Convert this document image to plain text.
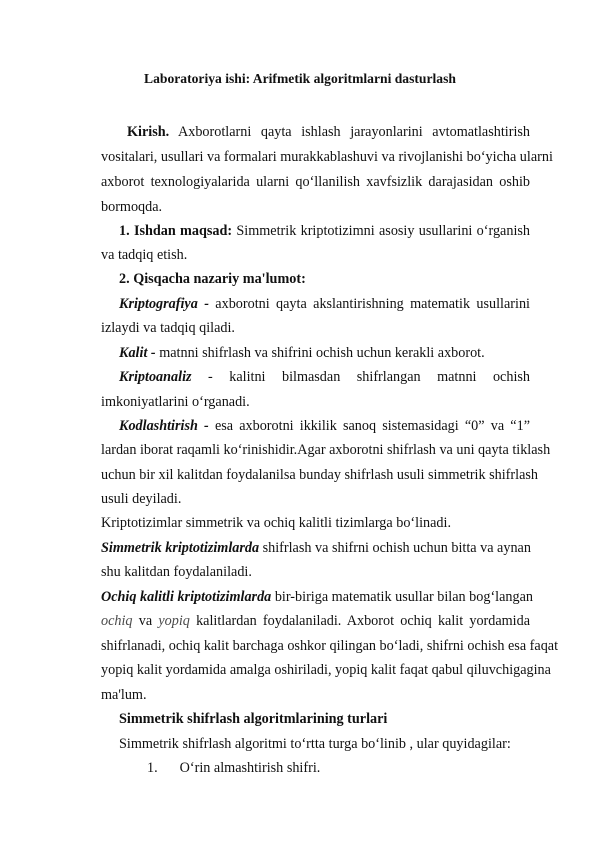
Laboratoriya ishi: Arifmetik algoritmlarni dasturlash
Kirish. Axborotlarni qayta ishlash jarayonlarini avtomatlashtirish
vositalari, usullari va formalari murakkablashuvi va rivojlanishi bo‘yicha ularni
axborot texnologiyalarida ularni qo‘llanilish xavfsizlik darajasidan oshib
bormoqda.
1. Ishdan maqsad: Simmetrik kriptotizimni asosiy usullarini o‘rganish
va tadqiq etish.
2. Qisqacha nazariy ma'lumot:
Kriptografiya - axborotni qayta akslantirishning matematik usullarini
izlaydi va tadqiq qiladi.
Kalit - matnni shifrlash va shifrini ochish uchun kerakli axborot.
Kriptoanaliz - kalitni bilmasdan shifrlangan matnni ochish
imkoniyatlarini o‘rganadi.
Kodlashtirish - esa axborotni ikkilik sanoq sistemasidagi “0” va “1”
lardan iborat raqamli ko‘rinishidir.Agar axborotni shifrlash va uni qayta tiklash
uchun bir xil kalitdan foydalanilsa bunday shifrlash usuli simmetrik shifrlash
usuli deyiladi.
Kriptotizimlar simmetrik va ochiq kalitli tizimlarga bo‘linadi.
Simmetrik kriptotizimlarda shifrlash va shifrni ochish uchun bitta va aynan
shu kalitdan foydalaniladi.
Ochiq kalitli kriptotizimlarda bir-biriga matematik usullar bilan bog‘langan
ochiq va yopiq kalitlardan foydalaniladi. Axborot ochiq kalit yordamida
shifrlanadi, ochiq kalit barchaga oshkor qilingan bo‘ladi, shifrni ochish esa faqat
yopiq kalit yordamida amalga oshiriladi, yopiq kalit faqat qabul qiluvchigagina
ma'lum.
Simmetrik shifrlash algoritmlarining turlari
Simmetrik shifrlash algoritmi to‘rtta turga bo‘linib , ular quyidagilar:
1. O‘rin almashtirish shifri.
